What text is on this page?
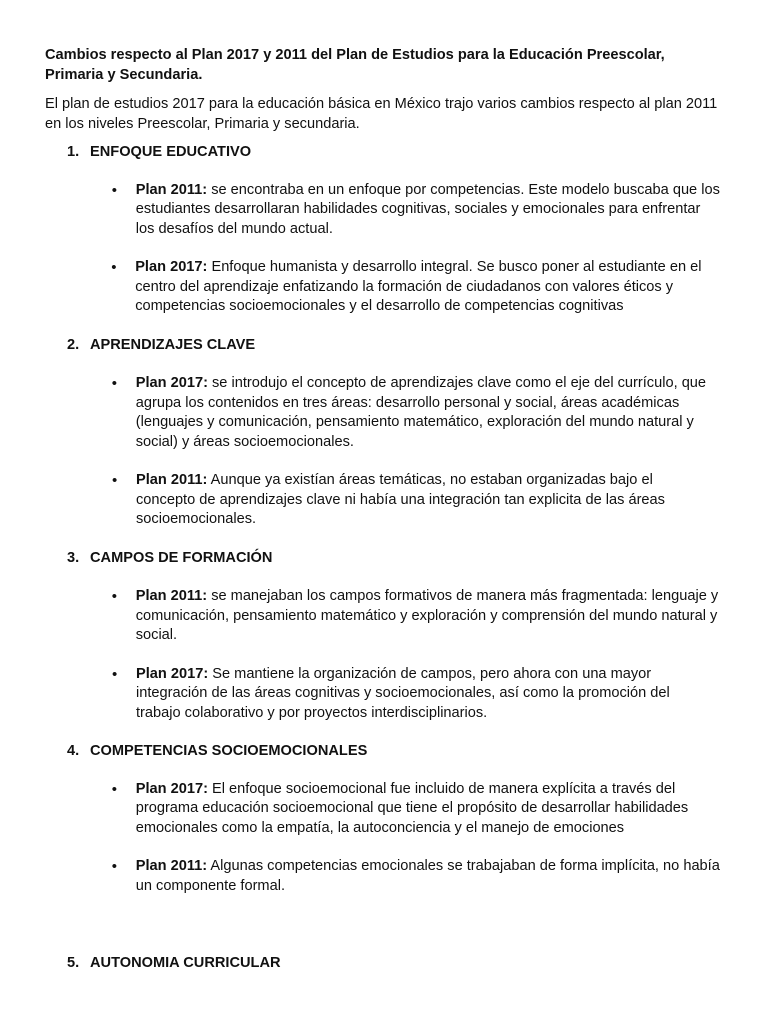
Cambios respecto al Plan 2017 y 2011 del Plan de Estudios para la Educación Preescolar, Primaria y Secundaria.

El plan de estudios 2017 para la educación básica en México trajo varios cambios respecto al plan 2011 en los niveles Preescolar, Primaria y secundaria.

1. ENFOQUE EDUCATIVO
•	Plan 2011: se encontraba en un enfoque por competencias. Este modelo buscaba que los estudiantes desarrollaran habilidades cognitivas, sociales y emocionales para enfrentar los desafíos del mundo actual.
•	Plan 2017: Enfoque humanista y desarrollo integral. Se busco poner al estudiante en el centro del aprendizaje enfatizando la formación de ciudadanos con valores éticos y competencias socioemocionales y el desarrollo de competencias cognitivas
2. APRENDIZAJES CLAVE
•	Plan 2017: se introdujo el concepto de aprendizajes clave como el eje del currículo, que agrupa los contenidos en tres áreas: desarrollo personal y social, áreas académicas (lenguajes y comunicación, pensamiento matemático, exploración del mundo natural y social) y áreas socioemocionales.
•	Plan 2011: Aunque ya existían áreas temáticas, no estaban organizadas bajo el concepto de aprendizajes clave ni había una integración tan explicita de las áreas socioemocionales.
3. CAMPOS DE FORMACIÓN
•	Plan 2011: se manejaban los campos formativos de manera más fragmentada: lenguaje y comunicación, pensamiento matemático y exploración y comprensión del mundo natural y social.
•	Plan 2017: Se mantiene la organización de campos, pero ahora con una mayor integración de las áreas cognitivas y socioemocionales, así como la promoción del trabajo colaborativo y por proyectos interdisciplinarios.
4. COMPETENCIAS SOCIOEMOCIONALES
•	Plan 2017: El enfoque socioemocional fue incluido de manera explícita a través del programa educación socioemocional que tiene el propósito de desarrollar habilidades emocionales como la empatía, la autoconciencia y el manejo de emociones
•	Plan 2011: Algunas competencias emocionales se trabajaban de forma implícita, no había un componente formal.
5. AUTONOMIA CURRICULAR
